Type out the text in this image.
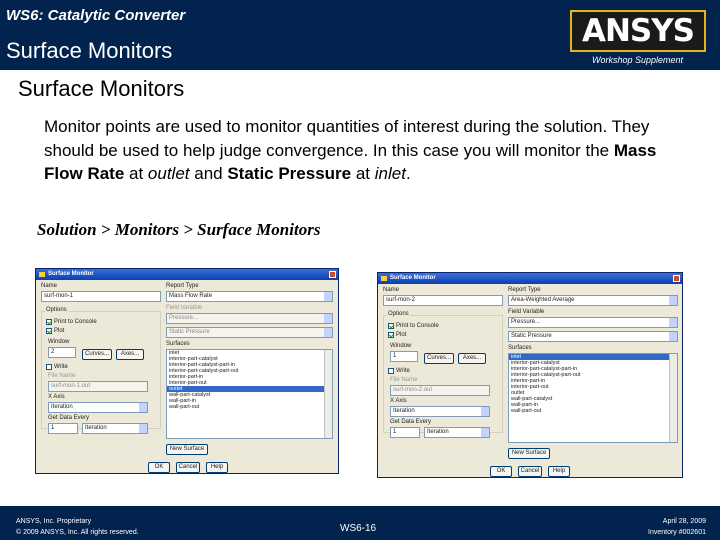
WS6: Catalytic Converter
Surface Monitors
ANSYS
Workshop Supplement
Surface Monitors
Monitor points are used to monitor quantities of interest during the solution. They should be used to help judge convergence. In this case you will monitor the Mass Flow Rate at outlet and Static Pressure at inlet.
Solution > Monitors > Surface Monitors
Surface Monitor
Name
surf-mon-1
Report Type
Mass Flow Rate
Field Variable
Pressure...
Static Pressure
Options
Print to Console
Plot
Window
2	Curves...	Axes...
Write
File Name
surf-mon-1.out
X Axis
Iteration
Get Data Every
1	Iteration
Surfaces
inlet
interior-part-catalyst
interior-part-catalyst-part-in
interior-part-catalyst-part-out
interior-part-in
interior-part-out
outlet
wall-part-catalyst
wall-part-in
wall-part-out
New Surface
OK	Cancel	Help
Surface Monitor
Name
surf-mon-2
Report Type
Area-Weighted Average
Field Variable
Pressure...
Static Pressure
Options
Print to Console
Plot
Window
1	Curves...	Axes...
Write
File Name
surf-mon-2.out
X Axis
Iteration
Get Data Every
1	Iteration
Surfaces
inlet
interior-part-catalyst
interior-part-catalyst-part-in
interior-part-catalyst-part-out
interior-part-in
interior-part-out
outlet
wall-part-catalyst
wall-part-in
wall-part-out
New Surface
OK	Cancel	Help
ANSYS, Inc. Proprietary
© 2009 ANSYS, Inc. All rights reserved.	WS6-16
April 28, 2009
Inventory #002601
